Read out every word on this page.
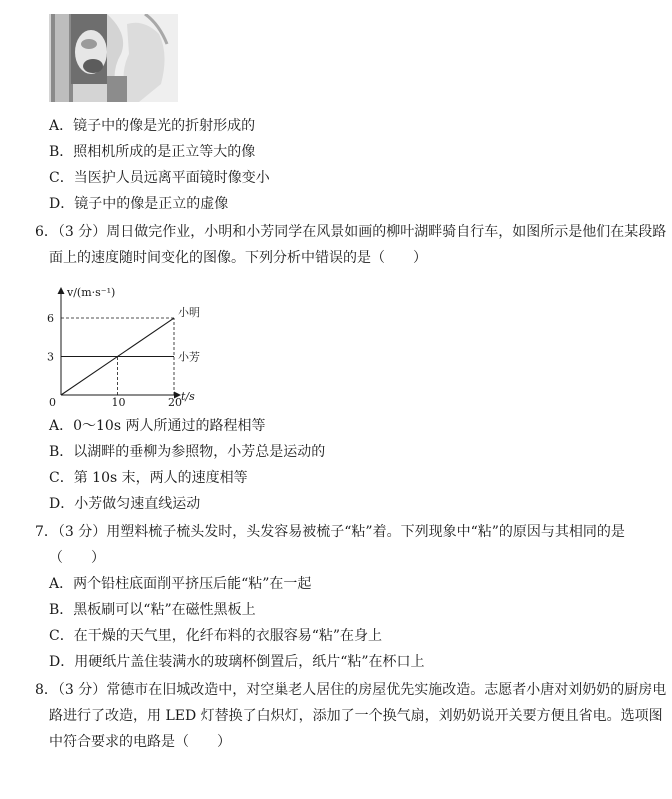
A．镜子中的像是光的折射形成的
B．照相机所成的是正立等大的像
C．当医护人员远离平面镜时像变小
D．镜子中的像是正立的虚像
6．（3 分）周日做完作业，小明和小芳同学在风景如画的柳叶湖畔骑自行车，如图所示是他们在某段路
面上的速度随时间变化的图像。下列分析中错误的是（　　）
小明
小芳
v/(m·s⁻¹)
t/s
0
3
6
10	20
A．0～10s 两人所通过的路程相等
B．以湖畔的垂柳为参照物，小芳总是运动的
C．第 10s 末，两人的速度相等
D．小芳做匀速直线运动
7．（3 分）用塑料梳子梳头发时，头发容易被梳子“粘”着。下列现象中“粘”的原因与其相同的是
（　　）
A．两个铅柱底面削平挤压后能“粘”在一起
B．黑板刷可以“粘”在磁性黑板上
C．在干燥的天气里，化纤布料的衣服容易“粘”在身上
D．用硬纸片盖住装满水的玻璃杯倒置后，纸片“粘”在杯口上
8．（3 分）常德市在旧城改造中，对空巢老人居住的房屋优先实施改造。志愿者小唐对刘奶奶的厨房电
路进行了改造，用 LED 灯替换了白炽灯，添加了一个换气扇，刘奶奶说开关要方便且省电。选项图
中符合要求的电路是（　　）
